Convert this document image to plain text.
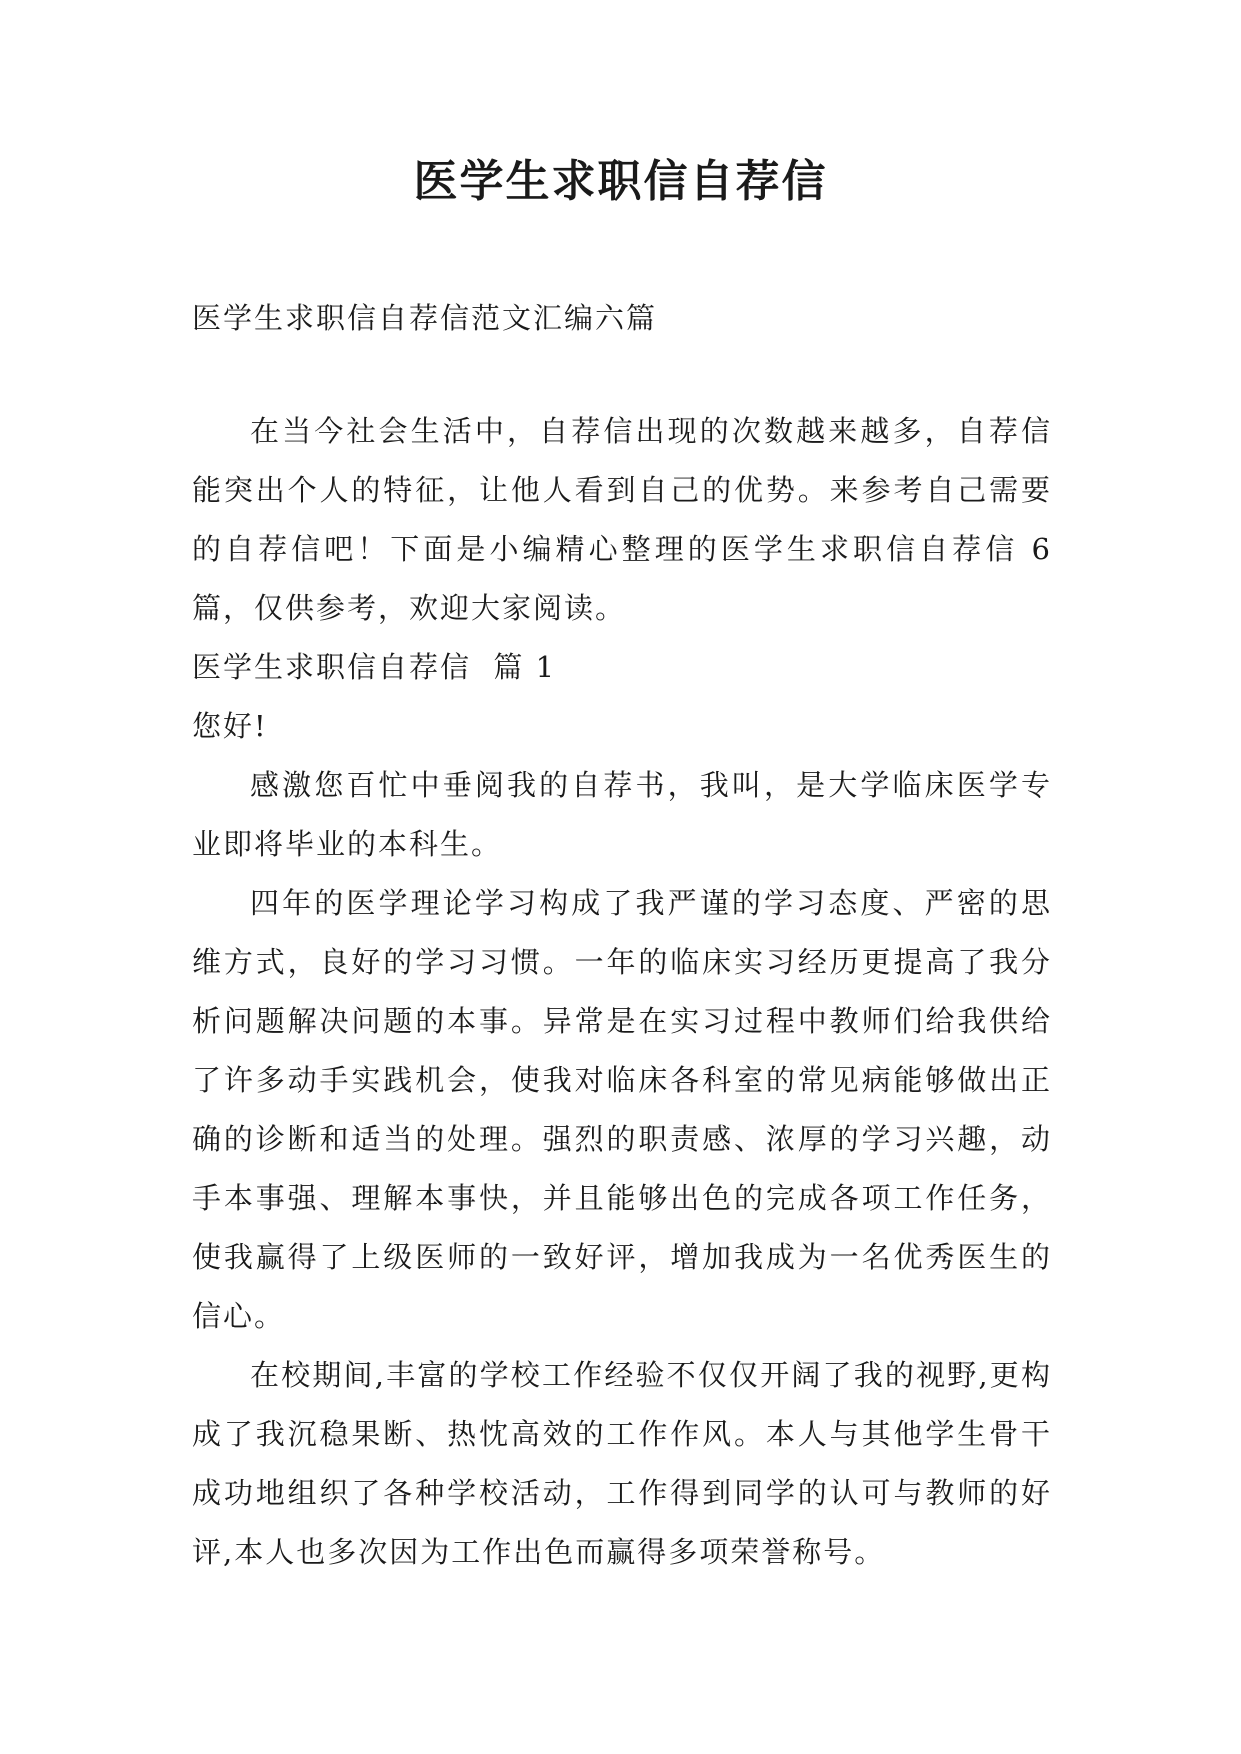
医学生求职信自荐信
医学生求职信自荐信范文汇编六篇

在当今社会生活中，自荐信出现的次数越来越多，自荐信能突出个人的特征，让他人看到自己的优势。来参考自己需要的自荐信吧！下面是小编精心整理的医学生求职信自荐信 6 篇，仅供参考，欢迎大家阅读。

医学生求职信自荐信  篇 1

您好!

感激您百忙中垂阅我的自荐书，我叫，是大学临床医学专业即将毕业的本科生。

四年的医学理论学习构成了我严谨的学习态度、严密的思维方式，良好的学习习惯。一年的临床实习经历更提高了我分析问题解决问题的本事。异常是在实习过程中教师们给我供给了许多动手实践机会，使我对临床各科室的常见病能够做出正确的诊断和适当的处理。强烈的职责感、浓厚的学习兴趣，动手本事强、理解本事快，并且能够出色的完成各项工作任务，使我赢得了上级医师的一致好评，增加我成为一名优秀医生的信心。

在校期间,丰富的学校工作经验不仅仅开阔了我的视野,更构成了我沉稳果断、热忱高效的工作作风。本人与其他学生骨干成功地组织了各种学校活动，工作得到同学的认可与教师的好评,本人也多次因为工作出色而赢得多项荣誉称号。
